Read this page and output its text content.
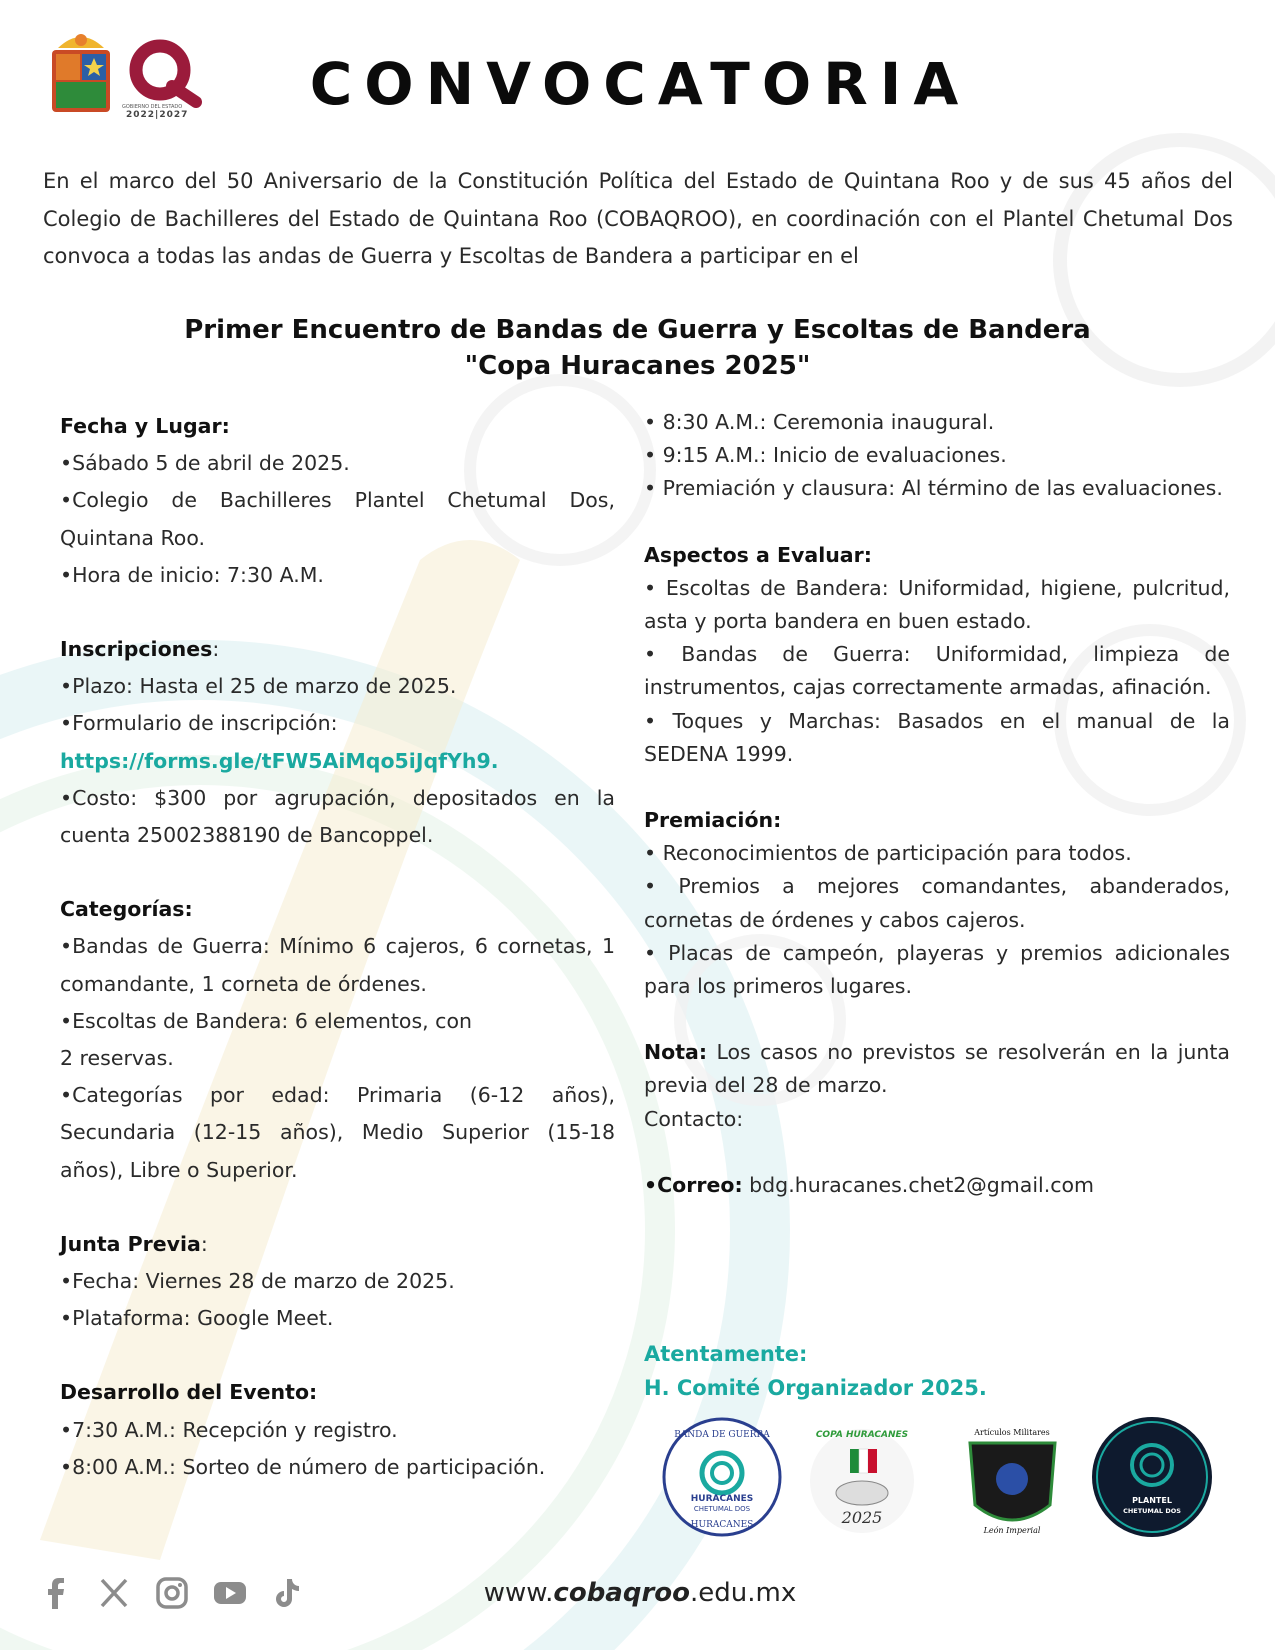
GOBIERNO DEL ESTADO
2022|2027	CONVOCATORIA

En el marco del 50 Aniversario de la Constitución Política del Estado de Quintana Roo y de sus 45 años del Colegio de Bachilleres del Estado de Quintana Roo (COBAQROO), en coordinación con el Plantel Chetumal Dos convoca a todas las andas de Guerra y Escoltas de Bandera a participar en el

Primer Encuentro de Bandas de Guerra y Escoltas de Bandera
"Copa Huracanes 2025"

Fecha y Lugar:

•Sábado 5 de abril de 2025.

•Colegio de Bachilleres Plantel Chetumal Dos, Quintana Roo.

•Hora de inicio: 7:30 A.M.

Inscripciones:

•Plazo: Hasta el 25 de marzo de 2025.

•Formulario de inscripción:

https://forms.gle/tFW5AiMqo5iJqfYh9.

•Costo: $300 por agrupación, depositados en la cuenta 25002388190 de Bancoppel.

Categorías:

•Bandas de Guerra: Mínimo 6 cajeros, 6 cornetas, 1 comandante, 1 corneta de órdenes.

•Escoltas de Bandera: 6 elementos, con

2 reservas.

•Categorías por edad: Primaria (6-12 años), Secundaria (12-15 años), Medio Superior (15-18 años), Libre o Superior.

Junta Previa:

•Fecha: Viernes 28 de marzo de 2025.

•Plataforma: Google Meet.

Desarrollo del Evento:

•7:30 A.M.: Recepción y registro.

•8:00 A.M.: Sorteo de número de participación.

• 8:30 A.M.: Ceremonia inaugural.

• 9:15 A.M.: Inicio de evaluaciones.

• Premiación y clausura: Al término de las evaluaciones.

Aspectos a Evaluar:

• Escoltas de Bandera: Uniformidad, higiene, pulcritud, asta y porta bandera en buen estado.

• Bandas de Guerra: Uniformidad, limpieza de instrumentos, cajas correctamente armadas, afinación.

• Toques y Marchas: Basados en el manual de la SEDENA 1999.

Premiación:

• Reconocimientos de participación para todos.

• Premios a mejores comandantes, abanderados, cornetas de órdenes y cabos cajeros.

• Placas de campeón, playeras y premios adicionales para los primeros lugares.

Nota: Los casos no previstos se resolverán en la junta previa del 28 de marzo.

Contacto:

•Correo: bdg.huracanes.chet2@gmail.com

Atentamente:
H. Comité Organizador 2025.
BANDA DE GUERRA
HURACANES
CHETUMAL DOS
HURACANES
COPA HURACANES
2025
Artículos Militares
León Imperial
PLANTEL
CHETUMAL DOS
www.cobaqroo.edu.mx
